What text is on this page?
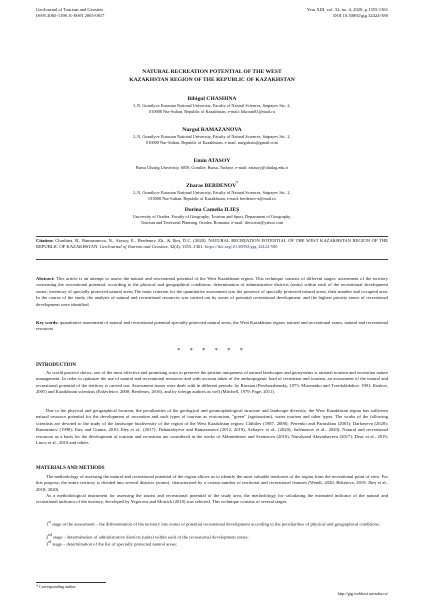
GeoJournal of Tourism and Geosites
ISSN 2065-1198, E-ISSN 2065-0817
Year XIII, vol. 32, no. 4, 2020, p.1355-1361
DOI 10.30892/gtg.32424-580
NATURAL RECREATION POTENTIAL OF THE WEST
KAZAKHSTAN REGION OF THE REPUBLIC OF KAZAKHSTAN
Bibigul CHASHINA
L.N. Gumilyov Eurasian National University, Faculty of Natural Sciences, Satpayev Str., 2,
010008 Nur-Sultan, Republic of Kazakhstan, e-mail: bikosan81@mail.ru
Nurgul RAMAZANOVA
L.N. Gumilyov Eurasian National University, Faculty of Natural Sciences, Satpayev Str., 2,
010008 Nur-Sultan, Republic of Kazakhstan, e-mail: nurgulrain@gmail.com
Emin ATASOY
Bursa Uludag University, 6059, Gorukle, Bursa, Turkiye, e-mail: eatasoy@uludag.edu.tr
Zharas BERDENOV*
L.N. Gumilyov Eurasian National University, Faculty of Natural Sciences, Satpayev Str., 2,
010008 Nur-Sultan, Republic of Kazakhstan, e-mail: berdenov-z@mail.ru
Dorina Camelia ILIEȘ
University of Oradea, Faculty of Geography, Tourism and Sport, Department of Geography,
Tourism and Territorial Planning, Oradea, Romania, e-mail: iliescristi@yahoo.com
Citation: Chashina, B., Ramazanova, N., Atasoy, E., Berdenov, Zh., & Ilieș, D.C. (2020). NATURAL RECREATION POTENTIAL OF THE WEST KAZAKHSTAN REGION OF THE REPUBLIC OF KAZAKHSTAN. GeoJournal of Tourism and Geosites, 32(4), 1355–1361. https://doi.org/10.30892/gtg.32424-580
Abstract: This article is an attempt to assess the natural and recreational potential of the West Kazakhstan region. This technique consists of different stages: assessment of the territory concerning the recreational potential, according to the physical and geographical conditions; determination of administrative districts (units) within each of the recreational development zones; inventory of specially protected natural areas.The main criterion for the quantitative assessment was the presence of specially protected natural areas, their number and occupied area. In the course of the study, the analysis of natural and recreational resources was carried out by zones of potential recreational development, and the highest priority zones of recreational development were identified.
Key words: quantitative assessment of natural and recreational potential specially protected natural areas, the West Kazakhstan region, natural and recreational zones, natural and recreational resources
* * * * * *
INTRODUCTION
As world practice shows, one of the most effective and promising ways to preserve the pristine uniqueness of natural landscapes and geosystems is rational tourism and recreation nature management. In order to optimize the use of natural and recreational resources and with account taken of the anthropogenic load of recreation and tourism, an assessment of the natural and recreational potential of the territory is carried out. Assessment issues were dealt with in different periods: by Russian (Preobrazhensky, 1975; Mironenko and Tverdokhlebov, 1981; Kuskov, 2005) and Kazakhstan scientists (Erdavletov, 2000; Berdenov, 2016), and by foreign authors as well (Mitchell, 1979; Page, 2011).
Due to the physical and geographical location, the peculiarities of the geological and geomorphological structure and landscape diversity, the West Kazakhstan region has sufficient natural resource potential for the development of recreation and such types of tourism as ecotourism, "green" (agritourism), water tourism and other types. The works of the following scientists are devoted to the study of the landscape biodiversity of the region of the West Kazakhstan region: Chibilev (1987, 2008); Petrenko and Partushina (2001); Darbayeva (2020); Ramazanov (1998); Ilieș and Grama, 2010; Ilieș et al., (2017); Dzhanaleyeva and Ramazanova (2012, 2019), Azhayev et al., (2020); Sulemenov et al., 2020). Natural and recreational resources as a basis for the development of tourism and recreation are considered in the works of Akhmedenov and Sventsova (2016), Nurulyand Aktymbayeva (2017), Deac et al., 2019; Lincu et al., 2018 and others.
MATERIALS AND METHODS
The methodology of assessing the natural and recreational potential of the region allows us to identify the most valuable territories of the region from the recreational point of view. For this purpose, the entire territory is divided into several districts (zones), characterized by a certain number of territorial and recreational features (Wendt, 2020; Beketova, 2019; Ilieș et al., 2018; 2020).
As a methodological instrument for assessing the tourist and recreational potential of the study area, the methodology for calculating the estimated indicator of the natural and recreational indicator of the territory, developed by Yegorova and Motrich (2010) was selected. This technique consists of several stages:
1st stage of the assessment – the differentiation of the territory into zones of potential recreational development according to the peculiarities of physical and geographical conditions;
2nd stage – determination of administrative districts (units) within each of the recreational development zones;
3rd stage – determination of the list of specially protected natural areas;
* Corresponding author
http://gtg.webhost.uoradea.ro/
